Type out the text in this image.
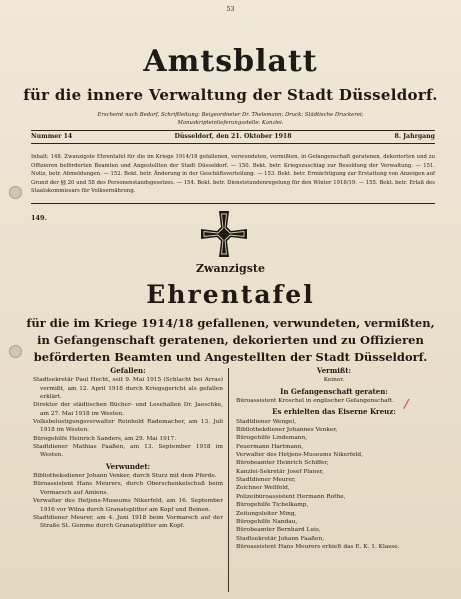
53
Amtsblatt
für die innere Verwaltung der Stadt Düsseldorf.
Erscheint nach Bedarf. Schriftleitung: Beigeordneter Dr. Thelemann; Druck: Städtische Druckerei;
Manuskripteinlieferungsstelle: Kanzlei.
Nummer 14	Düsseldorf, den 21. Oktober 1918	8. Jahrgang
Inhalt: 148. Zwanzigste Ehrentafel für die im Kriege 1914/18 gefallenen, verwundeten, vermißten, in Gefangenschaft geratenen, dekorierten und zu Offizieren beförderten Beamten und Angestellten der Stadt Düsseldorf. — 150. Bekt. betr. Kriegszuschlag zur Besoldung der Verwaltung. — 151. Notiz, betr. Abmeldungen. — 152. Bekt. betr. Änderung in der Geschäftsverteilung. — 153. Bekt. betr. Ermächtigung zur Erstattung von Anzeigen auf Grund der §§ 20 und 58 des Personenstandsgesetzes. — 154. Bekt. betr. Dienststundenregelung für den Winter 1918/19. — 155. Bekt. betr. Erlaß des Staatskommissars für Volksernährung.
149.
Zwanzigste
Ehrentafel
für die im Kriege 1914/18 gefallenen, verwundeten, vermißten,
in Gefangenschaft geratenen, dekorierten und zu Offizieren
beförderten Beamten und Angestellten der Stadt Düsseldorf.
Gefallen:
Stadtsekretär Paul Hecht, seit 9. Mai 1915 (Schlacht bei Arras) vermißt, am 12. April 1918 durch Kriegsgericht als gefallen erklärt.
Direktor der städtischen Bücher- und Lesehallen Dr. Jaeschke, am 27. Mai 1918 im Westen.
Volksbelustigungsverwalter Reinhold Rademacher, am 13. Juli 1918 im Westen.
Bürogehilfe Heinrich Sanders, am 29. Mai 1917.
Stadtdiener Mathias Faaßen, am 13. September 1918 im Westen.
Verwundet:
Bibliotheksdiener Johann Venker, durch Sturz mit dem Pferde.
Büroassistent Hans Meurers, durch Oberschenkelschuß beim Vormarsch auf Amiens.
Verwalter des Hetjens-Museums Nikerfeld, am 16. September 1916 vor Wilna durch Granatsplitter am Kopf und Beinen.
Stadtdiener Meurer, am 4. Juni 1918 beim Vormarsch auf der Straße St. Gemme durch Granatsplitter am Kopf.
Vermißt:
Keiner.
In Gefangenschaft geraten:
Büroassistent Kroschel in englischer Gefangenschaft.
Es erhielten das Eiserne Kreuz:
Stadtdiener Wengel,
Bibliothekdiener Johannes Venker,
Bürogehilfe Lindemann,
Feuermann Hartmann,
Verwalter des Hetjens-Museums Nikerfeld,
Bürobeamter Heinrich Schiffer,
Kanzlei-Sekretär Josef Planer,
Stadtdiener Meurer,
Zeichner Wellfeld,
Polizeibüroassistent Hermann Rothe,
Bürogehilfe Tichelkamp,
Zeitungsleiter Ming,
Bürogehilfe Nandau,
Bürobeamter Bernhard Luis,
Stadtsekretär Johann Faaßen,
Büroassistent Hans Meurers erhielt das E. K. 1. Klasse.
/
